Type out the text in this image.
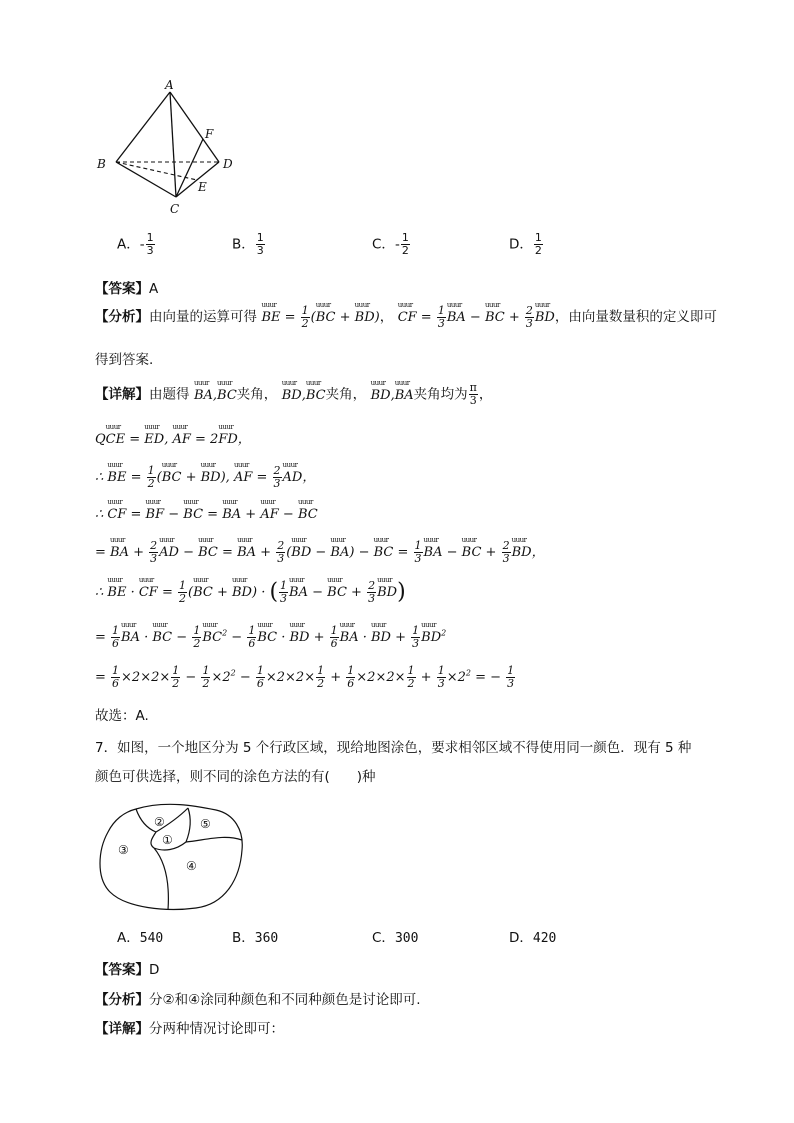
A
F
B	D
E
C
A．- $\frac{1}{3}$	B． $\frac{1}{3}$	C．- $\frac{1}{2}$	D． $\frac{1}{2}$
【答案】A
【分析】由向量的运算可得 uuur BE = $\frac{1}{2}$ (uuur BC + uuur BD)， uuur CF = $\frac{1}{3}$ uuur BA − uuur BC + $\frac{2}{3}$ uuur BD，由向量数量积的定义即可
得到答案.
【详解】由题得 uuur BA,uuur BC夹角， uuur BD,uuur BC夹角， uuur BD,uuur BA夹角均为 $\frac{\pi}{3}$ ，
Quuur CE = uuur ED, uuur AF = 2uuur FD，
∴ uuur BE = $\frac{1}{2}$ (uuur BC + uuur BD), uuur AF = $\frac{2}{3}$ uuur AD，
∴ uuur CF = uuur BF − uuur BC = uuur BA + uuur AF − uuur BC
= uuur BA + $\frac{2}{3}$ uuur AD − uuur BC = uuur BA + $\frac{2}{3}$ (uuur BD − uuur BA) − uuur BC = $\frac{1}{3}$ uuur BA − uuur BC + $\frac{2}{3}$ uuur BD，
∴ uuur BE · uuur CF = $\frac{1}{2}$ (uuur BC + uuur BD) · ( $\frac{1}{3}$ uuur BA − uuur BC + $\frac{2}{3}$ uuur BD)
= $\frac{1}{6}$ uuur BA · uuur BC − $\frac{1}{2}$ uuur $BC^2 - \frac{1}{6}$ uuur BC · uuur BD + $\frac{1}{6}$ uuur BA · uuur BD + $\frac{1}{3}$ uuur $BD^2$
= $\frac{1}{6} \times 2\times 2\times \frac{1}{2} - \frac{1}{2} \times 2^2 - \frac{1}{6} \times 2\times 2\times \frac{1}{2} + \frac{1}{6} \times 2\times 2\times \frac{1}{2} + \frac{1}{3} \times 2^2$ = − $\frac{1}{3}$
故选：A.
7．如图，一个地区分为 5 个行政区域，现给地图涂色，要求相邻区域不得使用同一颜色．现有 5 种
颜色可供选择，则不同的涂色方法的有(　　)种
②
①
⑤
③
④
A．540	B．360	C．300	D．420
【答案】D
【分析】分②和④涂同种颜色和不同种颜色是讨论即可.
【详解】分两种情况讨论即可：
